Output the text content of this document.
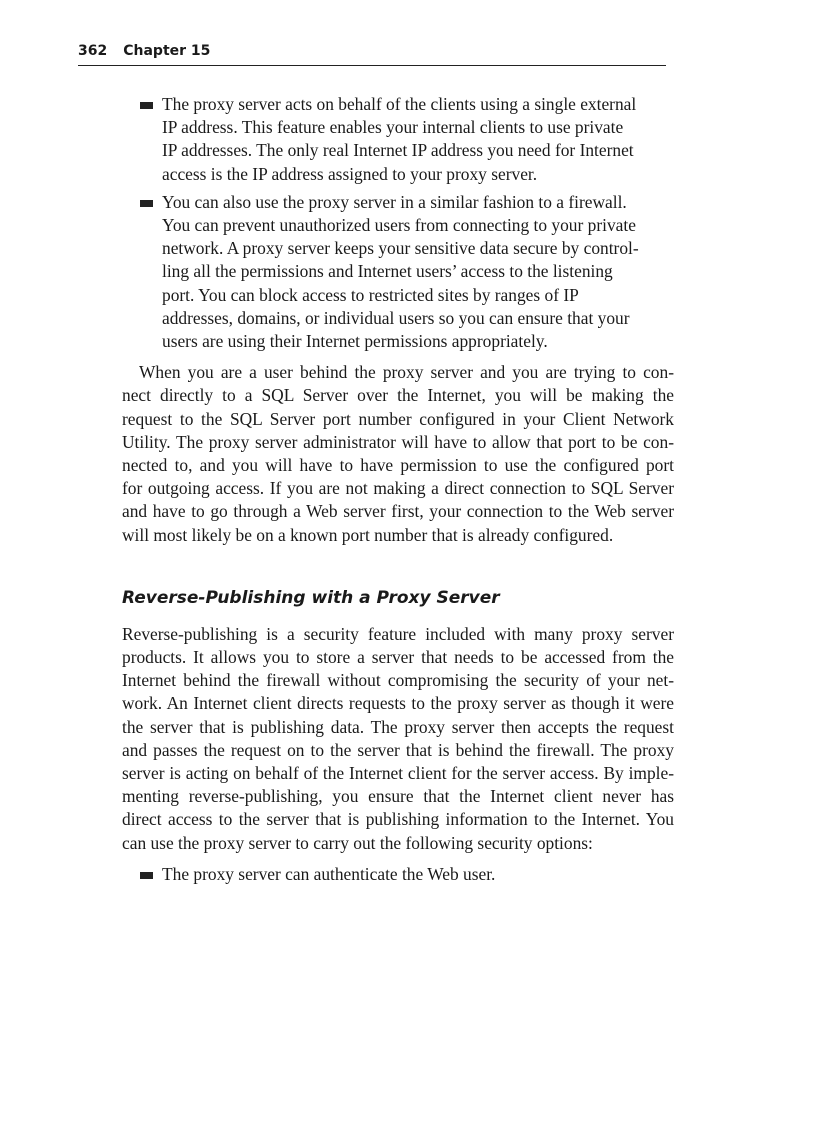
362 Chapter 15
The proxy server acts on behalf of the clients using a single external
IP address. This feature enables your internal clients to use private
IP addresses. The only real Internet IP address you need for Internet
access is the IP address assigned to your proxy server.
You can also use the proxy server in a similar fashion to a firewall.
You can prevent unauthorized users from connecting to your private
network. A proxy server keeps your sensitive data secure by control-
ling all the permissions and Internet users’ access to the listening
port. You can block access to restricted sites by ranges of IP
addresses, domains, or individual users so you can ensure that your
users are using their Internet permissions appropriately.
When you are a user behind the proxy server and you are trying to con-
nect directly to a SQL Server over the Internet, you will be making the
request to the SQL Server port number configured in your Client Network
Utility. The proxy server administrator will have to allow that port to be con-
nected to, and you will have to have permission to use the configured port
for outgoing access. If you are not making a direct connection to SQL Server
and have to go through a Web server first, your connection to the Web server
will most likely be on a known port number that is already configured.
Reverse-Publishing with a Proxy Server
Reverse-publishing is a security feature included with many proxy server
products. It allows you to store a server that needs to be accessed from the
Internet behind the firewall without compromising the security of your net-
work. An Internet client directs requests to the proxy server as though it were
the server that is publishing data. The proxy server then accepts the request
and passes the request on to the server that is behind the firewall. The proxy
server is acting on behalf of the Internet client for the server access. By imple-
menting reverse-publishing, you ensure that the Internet client never has
direct access to the server that is publishing information to the Internet. You
can use the proxy server to carry out the following security options:
The proxy server can authenticate the Web user.
